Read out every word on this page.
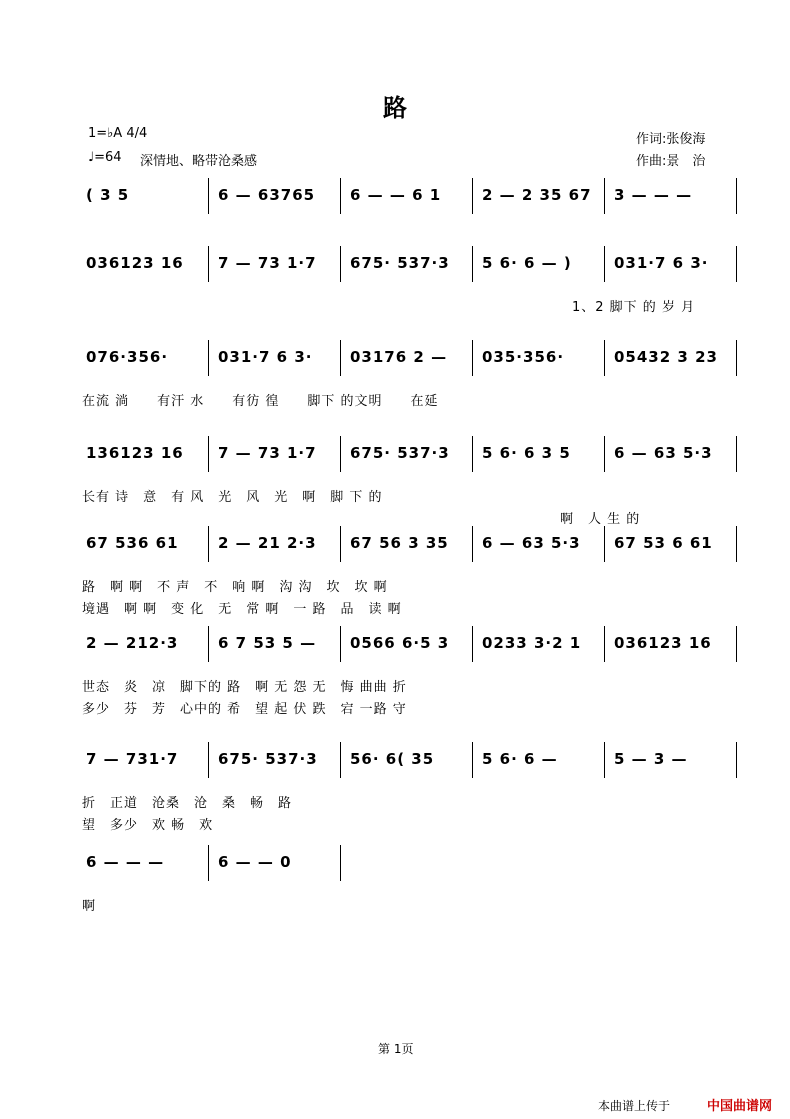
路
1=♭A 4/4
♩=64 深情地、略带沧桑感
作词:张俊海
作曲:景　治
( 3 5	6 — 63765 6 — — 6 1	2 — 2 35 67 3 — — —
036123 16 7 — 73 1·7 675· 537·3 5 6· 6 — )	031·7 6 3·
1、2 脚下 的 岁 月
076·356·	031·7 6 3·	03176 2 — 035·356·	05432 3 23
在流 淌　　有汗 水　　有彷 徨　　脚下 的文明　　在延
136123 16 7 — 73 1·7 675· 537·3 5 6· 6 3 5	6 — 63 5·3
长有 诗　意　有 风　光　风　光　啊　脚 下 的
啊　人 生 的
67 536 61	2 — 21 2·3 67 56 3 35 6 — 63 5·3 67 53 6 61
路　啊 啊　不 声　不　响 啊　沟 沟　坎　坎 啊
境遇　啊 啊　变 化　无　常 啊　一 路　品　读 啊
2 — 212·3	6 7 53 5 — 0566 6·5 3 0233 3·2 1 036123 16
世态　炎　凉　脚下的 路　啊 无 怨 无　悔 曲曲 折
多少　芬　芳　心中的 希　望 起 伏 跌　宕 一路 守
7 — 731·7	675· 537·3 56· 6( 35	5 6· 6 —	5 — 3 —
折　正道　沧桑　沧　桑　畅　路
望　多少　欢 畅　欢
6 — — —	6 — — 0
啊
第 1页
本曲谱上传于	中国曲谱网
